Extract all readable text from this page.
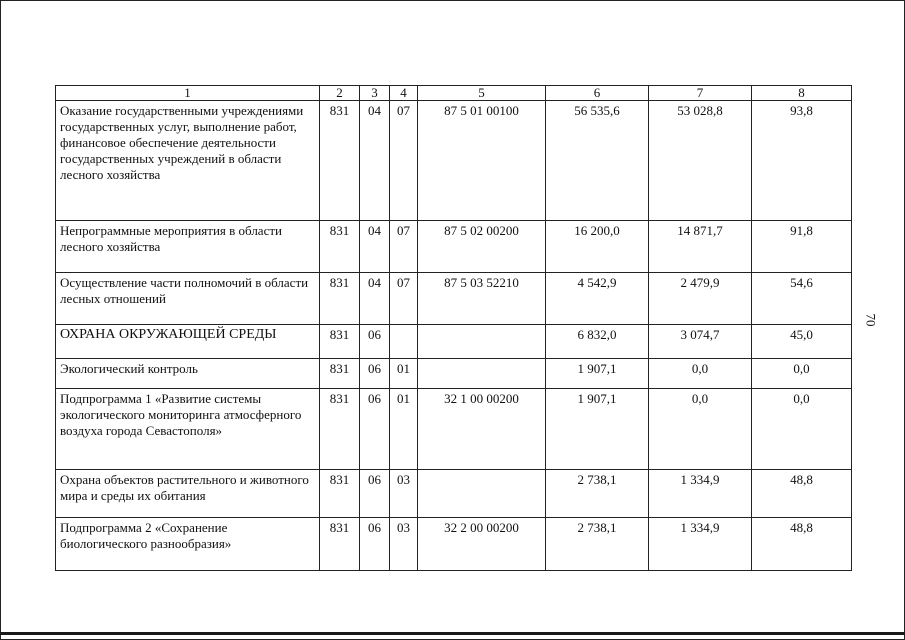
70
1	2	3	4	5	6	7	8
Оказание государственными учреждениями государственных услуг, выполнение работ, финансовое обеспечение деятельности государственных учреждений в области лесного хозяйства	831	04	07	87 5 01 00100	56 535,6	53 028,8	93,8
Непрограммные мероприятия в области лесного хозяйства	831	04	07	87 5 02 00200	16 200,0	14 871,7	91,8
Осуществление части полномочий в области лесных отношений	831	04	07	87 5 03 52210	4 542,9	2 479,9	54,6
ОХРАНА ОКРУЖАЮЩЕЙ СРЕДЫ	831	06			6 832,0	3 074,7	45,0
Экологический контроль	831	06	01		1 907,1	0,0	0,0
Подпрограмма 1 «Развитие системы экологического мониторинга атмосферного воздуха города Севастополя»	831	06	01	32 1 00 00200	1 907,1	0,0	0,0
Охрана объектов растительного и животного мира и среды их обитания	831	06	03		2 738,1	1 334,9	48,8
Подпрограмма 2 «Сохранение биологического разнообразия»	831	06	03	32 2 00 00200	2 738,1	1 334,9	48,8
